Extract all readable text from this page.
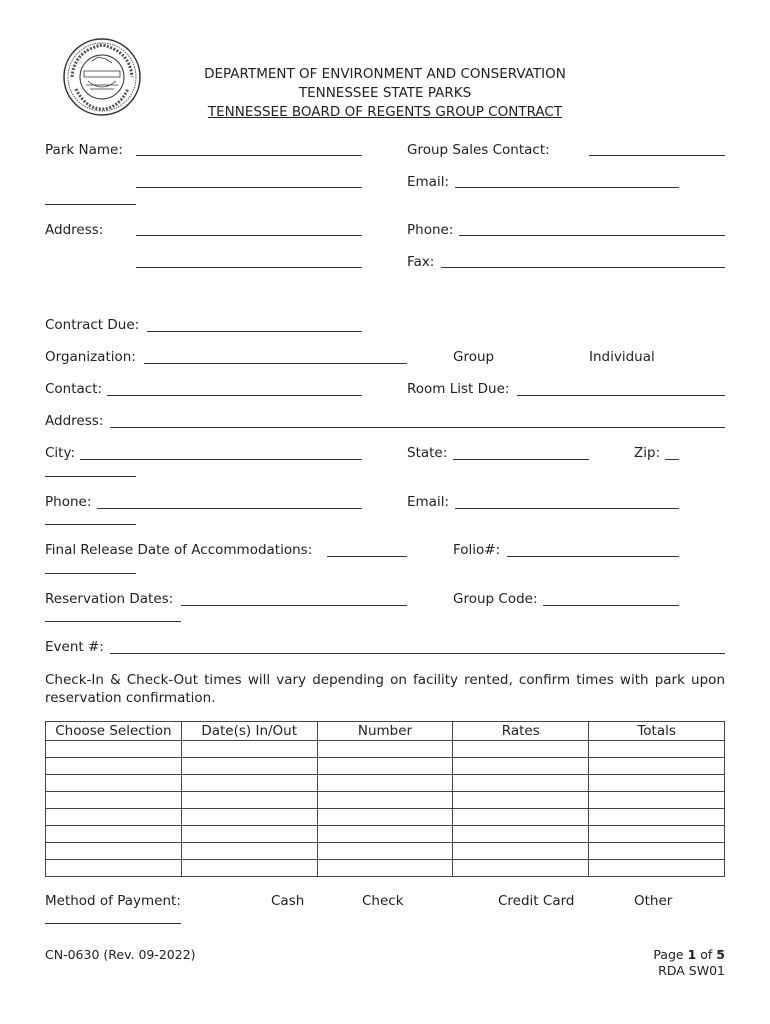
DEPARTMENT OF ENVIRONMENT AND CONSERVATION
TENNESSEE STATE PARKS
TENNESSEE BOARD OF REGENTS GROUP CONTRACT
Park Name:	Group Sales Contact:
Email:
Address:	Phone:
Fax:
Contract Due:
Organization:	Group	Individual
Contact:	Room List Due:
Address:
City:	State:	Zip:
Phone:	Email:
Final Release Date of Accommodations:	Folio#:
Reservation Dates:	Group Code:
Event #:
Check-In & Check-Out times will vary depending on facility rented, confirm times with park upon reservation confirmation.
Choose Selection	Date(s) In/Out	Number	Rates	Totals

Method of Payment:	Cash	Check	Credit Card	Other
CN-0630 (Rev. 09-2022)	Page 1 of 5
RDA SW01
